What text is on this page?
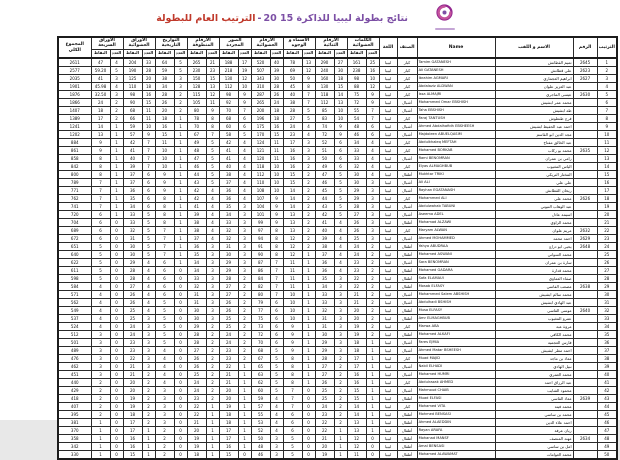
نتائج بطولة ليبيا للذاكرة 15 20-الترتيب العام للبطولة
الترتيب	الرقم	الاسم و اللقب	Name	الصنف	اللغة	الكلمات العشوائية		الأرقام الثنائية		الأسماء و الوجوه		الأرقام العشوائية		الصور المجردة		الأرقام المنطوقة		التواريخ التاريخية		الأوراق العشوائية		الأوراق السريعة		المجموع الكلي
						العدد	النقاط	العدد	النقاط	العدد	النقاط	العدد	النقاط	العدد	النقاط	العدد	النقاط	العدد	النقاط	العدد	النقاط	العدد	النقاط	
1	2645	تميم القطانش	Tamim GATANESH	كبار	ليبيا	25	161	27	290	13	78	40	520	17	188	21	265	5	64	33	204	4	47	2611
2	2623	علي قطانش	Ali GATANESH	كبار	ليبيا	16	238	30	240	12	69	39	507	19	218	23	230	5	59	28	190	5	59.20	2577
3	2627	ابراهيم العجماري	Ibrahim AGMARI	كبار	ليبيا	10	98	18	160	9	50	30	343	12	130	15	150	3	38	20	125	3	41	2035
4		عبد العزيز علوان	Abdalaziz ALDWAN	كبار	ليبيا	12	88	15	130	8	45	28	310	10	112	13	128	3	34	18	110	4	45.98	1901
5	2630	عيسى الماجري	Issa ALMAJRI	كبار	ليبيا	9	75	14	118	7	40	26	287	9	98	12	115	2	28	16	98	3	32.50	1876
6		محمد عمر ابشيش	Mohammed Omar EBSHISH	أشبال	ليبيا	9	72	13	112	7	38	24	265	9	92	11	105	2	26	15	90	2	24	1866
7		طه ابشيش	Taha EBSHISH	أشبال	ليبيا	7	55	10	85	5	28	18	200	7	70	9	80	2	20	11	68	2	18	1407
8		فرج طنطوش	Faraj TANTUSH	كبار	ليبيا	7	54	10	83	5	27	18	196	6	68	8	78	1	18	11	66	2	17	1389
9		احمد عبد الحفيظ ابشيش	Ahmed Abdalhafidh EBSHEESH	أشبال	ليبيا	6	48	9	74	4	24	16	175	6	60	8	70	1	16	10	59	1	14	1241
10		مجد الدين ابو القاسم	Majdoleen ABUELQASIM	أشبال	ليبيا	6	46	9	72	4	23	15	170	5	58	7	67	1	15	9	57	1	13	1202
11		عبد الخالق مفتاح	Abdulkhaleq MEFTAH	كبار	ليبيا	4	34	6	52	3	17	11	124	4	42	5	49	1	11	7	42	1	9	884
12	2635	محمد بو ركاب	Mohamed BORKAB	كبار	ليبيا	4	33	6	51	3	16	11	121	4	41	5	48	1	10	7	41	1	9	861
13		رامي بن عمران	Rami BENOMRAN	أشبال	ليبيا	4	33	6	50	3	16	11	120	4	41	5	47	1	10	7	40	1	8	858
14		الياس المغبوب	Elyas ALMAGHBUB	كبار	ليبيا	4	32	6	49	2	16	10	118	4	40	5	46	1	10	7	39	1	8	842
15		المختار التريكي	Mukhtar TRIKI	أطفال	ليبيا	4	30	5	47	2	15	10	112	4	38	5	44	1	9	6	37	1	8	800
16		علي علي	Ali ALI	أشبال	ليبيا	3	30	5	46	2	15	10	110	4	37	5	43	1	9	6	37	1	7	789
17		ريحان القطانش	Rayhan EGATANASH	أشبال	ليبيا	3	29	5	45	2	14	10	108	4	36	4	42	1	9	6	36	1	7	771
18	2626	محمد علي	Mohammed ALI	كبار	ليبيا	3	29	5	44	2	14	9	107	4	36	4	42	1	8	6	35	1	7	762
19		عبد الوهاب التبوني	Abdulwahab TABUNI	أشبال	ليبيا	3	28	5	43	2	14	9	104	3	35	4	41	1	8	6	34	1	7	741
20		اسيمة عادل	Aseema ADEL	أشبال	ليبيا	3	27	5	42	2	13	9	101	3	34	4	39	1	8	5	33	1	6	720
21		محمد الزاوي	Mohamad ALZAWI	أطفال	ليبيا	3	26	4	41	2	13	9	99	3	33	4	38	1	8	5	33	0	6	704
22	2632	مريم علوان	Maryam ALWAN	كبار	ليبيا	3	26	4	40	2	13	8	97	3	32	4	38	1	7	5	32	0	6	689
23	2629	احمد محمد	Ahmed MOHAMMED	أشبال	ليبيا	3	25	4	39	2	12	8	94	3	32	4	37	1	7	5	31	0	6	672
24	2648	يحيى ابو دراع	Yahya ABUDRAA	أطفال	ليبيا	2	24	4	38	2	12	8	91	3	31	3	36	1	7	5	30	0	5	651
25		محمد السواني	Mohamed ASWANI	أطفال	ليبيا	2	24	4	37	1	12	8	90	3	30	3	35	1	7	5	30	0	5	640
26		سارة بن عمران	Sara BENOMRAN	أشبال	ليبيا	2	23	4	36	1	11	7	87	3	29	3	34	1	6	4	29	0	5	622
27		محمد قدارة	Mohamed GADARA	أطفال	ليبيا	2	23	4	36	1	11	7	86	3	29	3	34	0	6	4	28	0	5	611
28		صفاء العماوي	Safa ELAMAUI	أطفال	ليبيا	2	22	3	35	1	11	7	84	2	28	3	33	0	6	4	28	0	5	598
29	2638	مصعب الفاسي	Mosab ELFASY	أطفال	ليبيا	2	22	3	34	1	11	7	82	2	27	3	32	0	6	4	27	0	4	584
30		محمد سالم ابشيش	Mohammed Salem ABSHISH	أشبال	ليبيا	2	21	3	33	1	10	7	80	2	27	3	31	0	6	4	26	0	4	571
31		عبد الهادي ابشيش	Abdulhadi BSHISH	أشبال	ليبيا	2	21	3	33	1	10	6	79	2	26	3	31	0	5	4	26	0	4	562
32	2640	موسى الفاسي	Musa ELFASY	أطفال	ليبيا	2	20	3	32	1	10	6	77	2	26	3	30	0	5	4	25	0	4	549
33		عمرو المغبوب	Amr ELMAGHBUB	أطفال	ليبيا	2	20	3	31	1	10	6	75	2	25	3	30	0	5	3	25	0	4	537
34		مروة عبة	Marwa ABA	كبار	ليبيا	2	19	3	31	1	9	6	73	2	25	2	29	0	5	3	24	0	4	524
35		محمد الكافي	Mohamed ALKAFI	أطفال	ليبيا	2	19	3	30	1	9	6	72	2	24	2	28	0	5	3	24	0	3	512
36		فارس العجمية	Fares EJMIA	أشبال	ليبيا	1	18	3	29	1	9	6	70	2	24	2	28	0	5	3	23	0	3	501
37		احمد مطر ابشيش	Ahmed Matar BSHEESH	أشبال	ليبيا	1	18	3	29	1	9	5	68	2	23	2	27	0	4	3	23	0	3	489
38		معاذ بن ماجد	Muad MAJID	كبار	ليبيا	1	17	2	28	1	8	5	67	2	23	2	26	0	4	3	22	0	3	476
39		نبيل الهادي	Nabil ELHADI	أشبال	ليبيا	1	17	2	27	1	8	5	65	1	22	2	26	0	4	3	21	0	3	462
40		محمد العمري	Mohamed HUMRI	أشبال	ليبيا	1	16	2	27	1	8	5	63	1	21	2	25	0	4	2	21	0	3	451
41		عبد الرزاق احمد	Abdulrazak AHMED	كبار	ليبيا	1	16	2	26	1	8	5	62	1	21	2	24	0	4	2	20	0	2	440
42		محمود الشايب	Mahmoud CHAIB	أشبال	ليبيا	1	15	2	25	0	7	5	60	1	20	2	24	0	3	2	20	0	2	429
43	2639	معاذ الفاسي	Muad ELFASI	أطفال	ليبيا	1	15	2	25	0	7	4	59	1	20	2	23	0	3	2	19	0	2	418
44		محمد فيتة	Mohamed VITA	كبار	ليبيا	1	14	2	24	0	7	4	57	1	19	1	22	0	3	2	19	0	2	407
45		محمد بن ساسي	Mohmed BENSASI	أطفال	ليبيا	1	14	2	23	0	6	4	55	1	18	1	22	0	3	2	18	0	2	395
46		احمد علاء الدين	Ahmed ALAEDDIN	أطفال	ليبيا	1	13	2	22	0	6	4	53	1	18	1	21	0	3	2	17	0	1	381
47		ريان عرفة	Rayan ARAFA	أطفال	ليبيا	1	13	1	22	0	6	4	52	1	17	1	20	0	2	1	17	0	1	370
48	2634	مهند المنصف	Mohanad MANSF	أطفال	ليبيا	0	12	1	21	0	5	3	50	1	17	1	19	0	2	1	16	0	1	358
49		امل بن ساسي	Amal BENSASI	أطفال	ليبيا	0	12	1	20	0	5	3	48	1	16	1	19	0	2	1	16	0	1	342
50		محمد العوامات	Mohamed ALAWAMAT	أطفال	ليبيا	0	11	1	19	0	5	3	46	0	15	1	18	0	2	1	15	0	1	330
